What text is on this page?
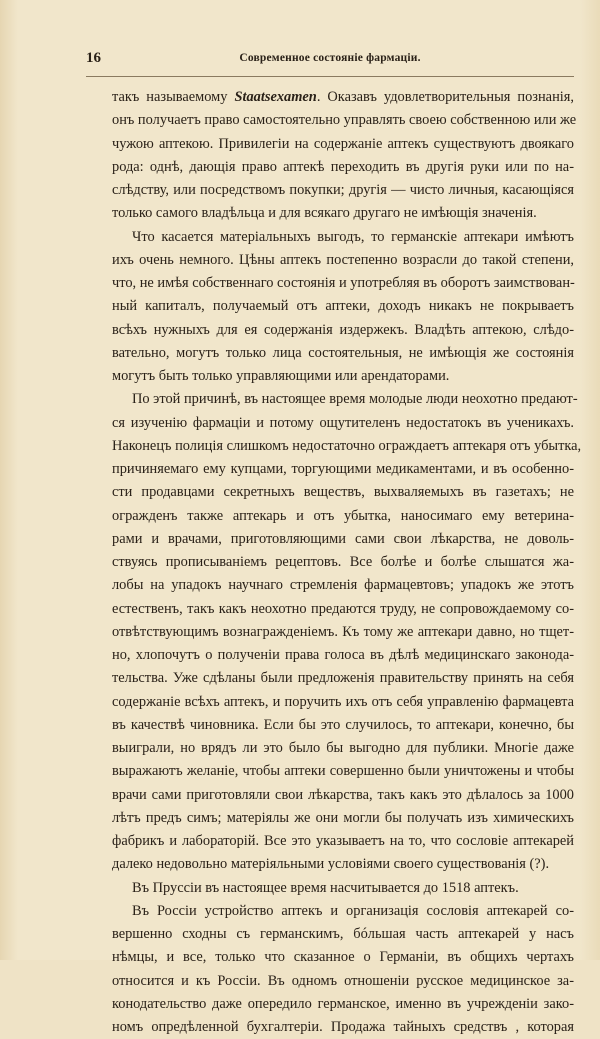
16	Современное состояніе фармаціи.

такъ называемому Staatsexamen. Оказавъ удовлетворительныя познанія,
онъ получаетъ право самостоятельно управлять своею собственною или же
чужою аптекою. Привилегіи на содержаніе аптекъ существуютъ двоякаго
рода: однѣ, дающія право аптекѣ переходить въ другія руки или по на-
слѣдству, или посредствомъ покупки; другія — чисто личныя, касающіяся
только самого владѣльца и для всякаго другаго не имѣющія значенія.

Что касается матеріальныхъ выгодъ, то германскіе аптекари имѣютъ
ихъ очень немного. Цѣны аптекъ постепенно возрасли до такой степени,
что, не имѣя собственнаго состоянія и употребляя въ оборотъ заимствован-
ный капиталъ, получаемый отъ аптеки, доходъ никакъ не покрываетъ
всѣхъ нужныхъ для ея содержанія издержекъ. Владѣть аптекою, слѣдо-
вательно, могутъ только лица состоятельныя, не имѣющія же состоянія
могутъ быть только управляющими или арендаторами.

По этой причинѣ, въ настоящее время молодые люди неохотно предают-
ся изученію фармаціи и потому ощутителенъ недостатокъ въ ученикахъ.
Наконецъ полиція слишкомъ недостаточно ограждаетъ аптекаря отъ убытка,
причиняемаго ему купцами, торгующими медикаментами, и въ особенно-
сти продавцами секретныхъ веществъ, выхваляемыхъ въ газетахъ; не
огражденъ также аптекарь и отъ убытка, наносимаго ему ветерина-
рами и врачами, приготовляющими сами свои лѣкарства, не доволь-
ствуясь прописываніемъ рецептовъ. Все болѣе и болѣе слышатся жа-
лобы на упадокъ научнаго стремленія фармацевтовъ; упадокъ же этотъ
естественъ, такъ какъ неохотно предаются труду, не сопровождаемому со-
отвѣтствующимъ вознагражденіемъ. Къ тому же аптекари давно, но тщет-
но, хлопочутъ о полученіи права голоса въ дѣлѣ медицинскаго законода-
тельства. Уже сдѣланы были предложенія правительству принять на себя
содержаніе всѣхъ аптекъ, и поручить ихъ отъ себя управленію фармацевта
въ качествѣ чиновника. Если бы это случилось, то аптекари, конечно, бы
выиграли, но врядъ ли это было бы выгодно для публики. Многіе даже
выражаютъ желаніе, чтобы аптеки совершенно были уничтожены и чтобы
врачи сами приготовляли свои лѣкарства, такъ какъ это дѣлалось за 1000
лѣтъ предъ симъ; матеріялы же они могли бы получать изъ химическихъ
фабрикъ и лабораторій. Все это указываетъ на то, что сословіе аптекарей
далеко недовольно матеріяльными условіями своего существованія (?).

Въ Пруссіи въ настоящее время насчитывается до 1518 аптекъ.

Въ Россіи устройство аптекъ и организація сословія аптекарей со-
вершенно сходны съ германскимъ, бóльшая часть аптекарей у насъ
нѣмцы, и все, только что сказанное о Германіи, въ общихъ чертахъ
относится и къ Россіи. Въ одномъ отношеніи русское медицинское за-
конодательство даже опередило германское, именно въ учрежденіи зако-
номъ опредѣленной бухгалтеріи. Продажа тайныхъ средствъ , которая
